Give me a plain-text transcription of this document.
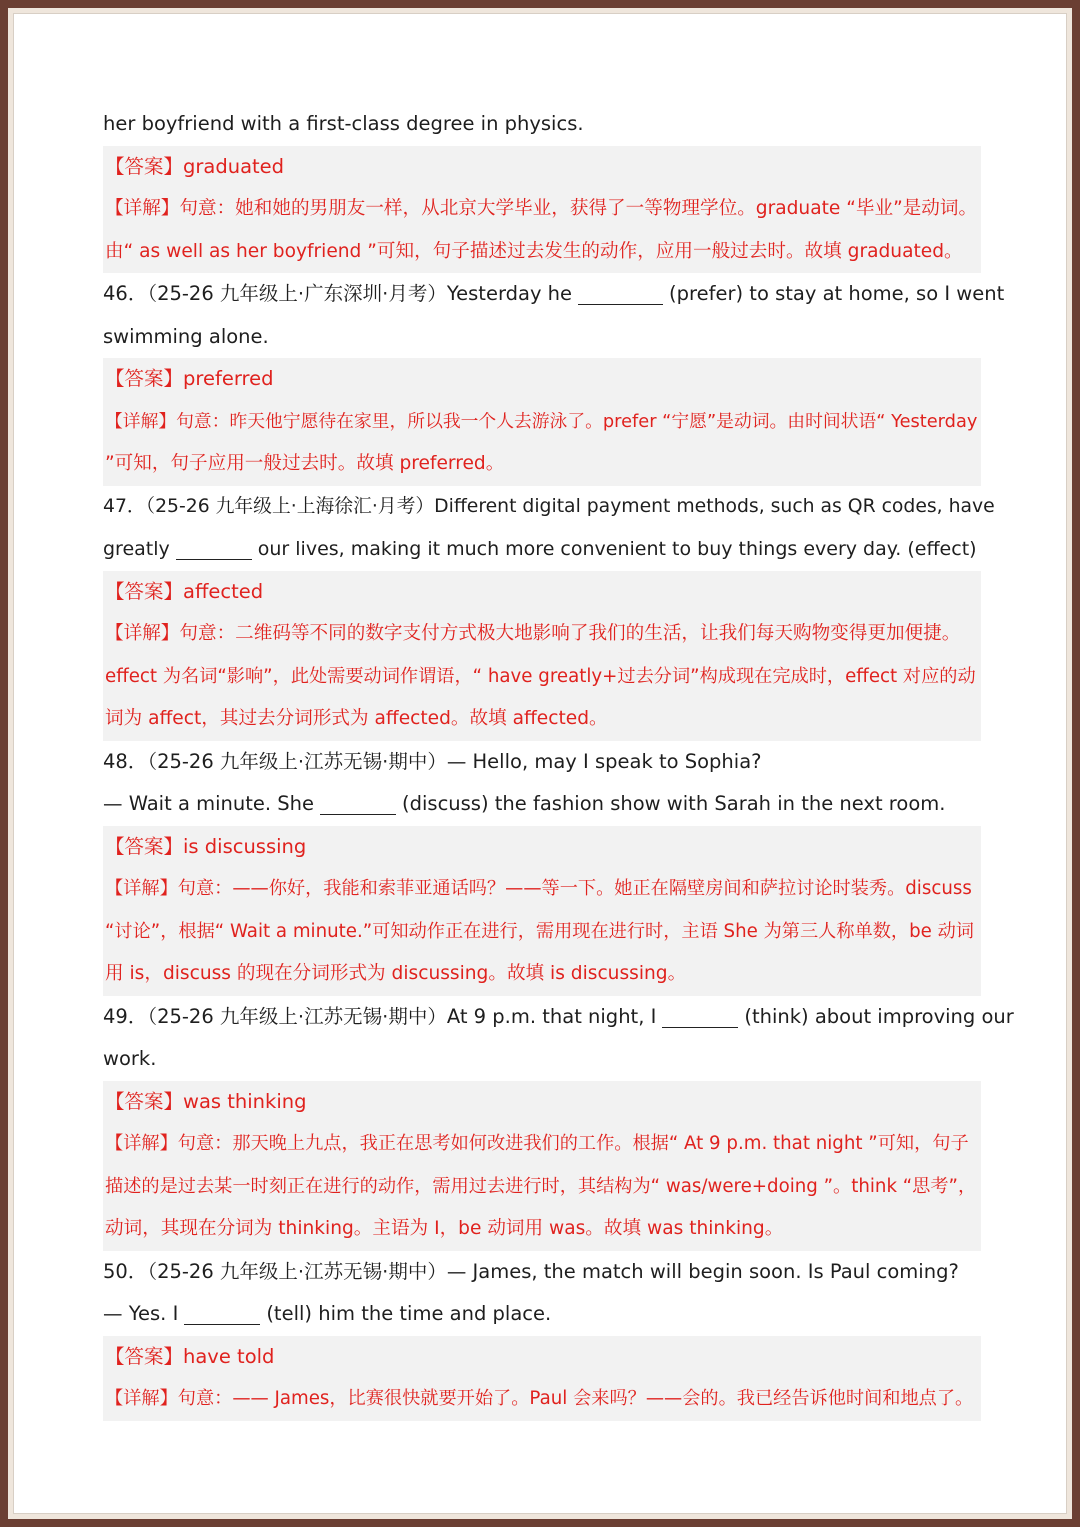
her boyfriend with a first-class degree in physics.
【答案】graduated
【详解】句意：她和她的男朋友一样，从北京大学毕业，获得了一等物理学位。graduate “毕业”是动词。
由“ as well as her boyfriend ”可知，句子描述过去发生的动作，应用一般过去时。故填 graduated。
46．（25-26 九年级上·广东深圳·月考）Yesterday he	(prefer) to stay at home, so I went
swimming alone.
【答案】preferred
【详解】句意：昨天他宁愿待在家里，所以我一个人去游泳了。prefer “宁愿”是动词。由时间状语“ Yesterday
”可知，句子应用一般过去时。故填 preferred。
47．（25-26 九年级上·上海徐汇·月考）Different digital payment methods, such as QR codes, have
greatly	our lives, making it much more convenient to buy things every day. (effect)
【答案】affected
【详解】句意：二维码等不同的数字支付方式极大地影响了我们的生活，让我们每天购物变得更加便捷。
effect 为名词“影响”，此处需要动词作谓语，“ have greatly+过去分词”构成现在完成时，effect 对应的动
词为 affect，其过去分词形式为 affected。故填 affected。
48．（25-26 九年级上·江苏无锡·期中）— Hello, may I speak to Sophia?
— Wait a minute. She	(discuss) the fashion show with Sarah in the next room.
【答案】is discussing
【详解】句意：——你好，我能和索菲亚通话吗？——等一下。她正在隔壁房间和萨拉讨论时装秀。discuss
“讨论”，根据“ Wait a minute.”可知动作正在进行，需用现在进行时，主语 She 为第三人称单数，be 动词
用 is，discuss 的现在分词形式为 discussing。故填 is discussing。
49．（25-26 九年级上·江苏无锡·期中）At 9 p.m. that night, I	(think) about improving our
work.
【答案】was thinking
【详解】句意：那天晚上九点，我正在思考如何改进我们的工作。根据“ At 9 p.m. that night ”可知，句子
描述的是过去某一时刻正在进行的动作，需用过去进行时，其结构为“ was/were+doing ”。think “思考”，
动词，其现在分词为 thinking。主语为 I，be 动词用 was。故填 was thinking。
50．（25-26 九年级上·江苏无锡·期中）— James, the match will begin soon. Is Paul coming?
— Yes. I	(tell) him the time and place.
【答案】have told
【详解】句意：—— James，比赛很快就要开始了。Paul 会来吗？——会的。我已经告诉他时间和地点了。
